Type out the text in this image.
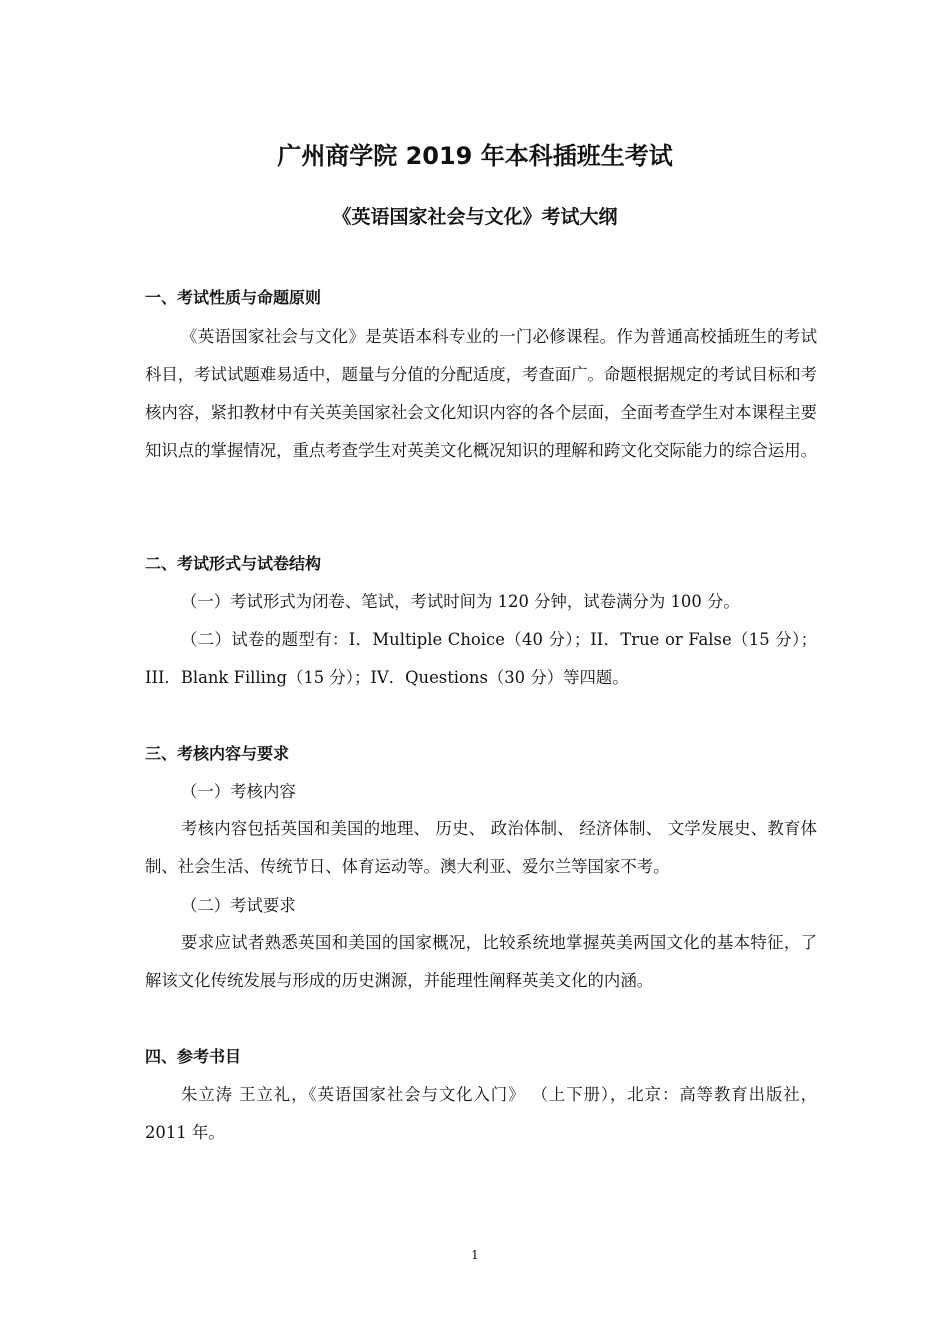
广州商学院 2019 年本科插班生考试
《英语国家社会与文化》考试大纲
一、考试性质与命题原则
《英语国家社会与文化》是英语本科专业的一门必修课程。作为普通高校插班生的考试科目，考试试题难易适中，题量与分值的分配适度，考查面广。命题根据规定的考试目标和考核内容，紧扣教材中有关英美国家社会文化知识内容的各个层面，全面考查学生对本课程主要知识点的掌握情况，重点考查学生对英美文化概况知识的理解和跨文化交际能力的综合运用。
二、考试形式与试卷结构
（一）考试形式为闭卷、笔试，考试时间为 120 分钟，试卷满分为 100 分。
（二）试卷的题型有：I．Multiple Choice（40 分）；II．True or False（15 分）；III．Blank Filling（15 分）；IV．Questions（30 分）等四题。
三、考核内容与要求
（一）考核内容
考核内容包括英国和美国的地理、 历史、 政治体制、 经济体制、 文学发展史、教育体制、社会生活、传统节日、体育运动等。澳大利亚、爱尔兰等国家不考。
（二）考试要求
要求应试者熟悉英国和美国的国家概况，比较系统地掌握英美两国文化的基本特征，了解该文化传统发展与形成的历史渊源，并能理性阐释英美文化的内涵。
四、参考书目
朱立涛 王立礼，《英语国家社会与文化入门》 （上下册），北京：高等教育出版社，2011 年。
1
